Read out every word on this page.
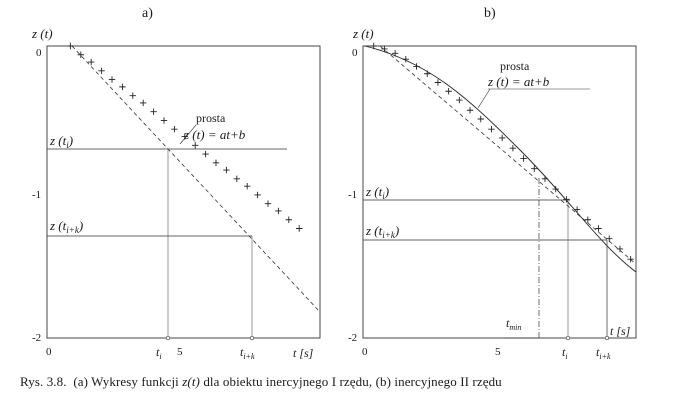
a)
z (t)
0
-1
-2
0	5	t [s]
z $(t_i)$
z $(t_{i+k})$
$t_i$	$t_{i+k}$
prosta
z (t) = at+b
b)
z (t)
0
-1
-2
0	5
t [s]
z $(t_i)$
z $(t_{i+k})$
$t_{min}$
$t_i$ $t_{i+k}$
prosta
z (t) = at+b
Rys. 3.8. (a) Wykresy funkcji z(t) dla obiektu inercyjnego I rzędu, (b) inercyjnego II rzędu
